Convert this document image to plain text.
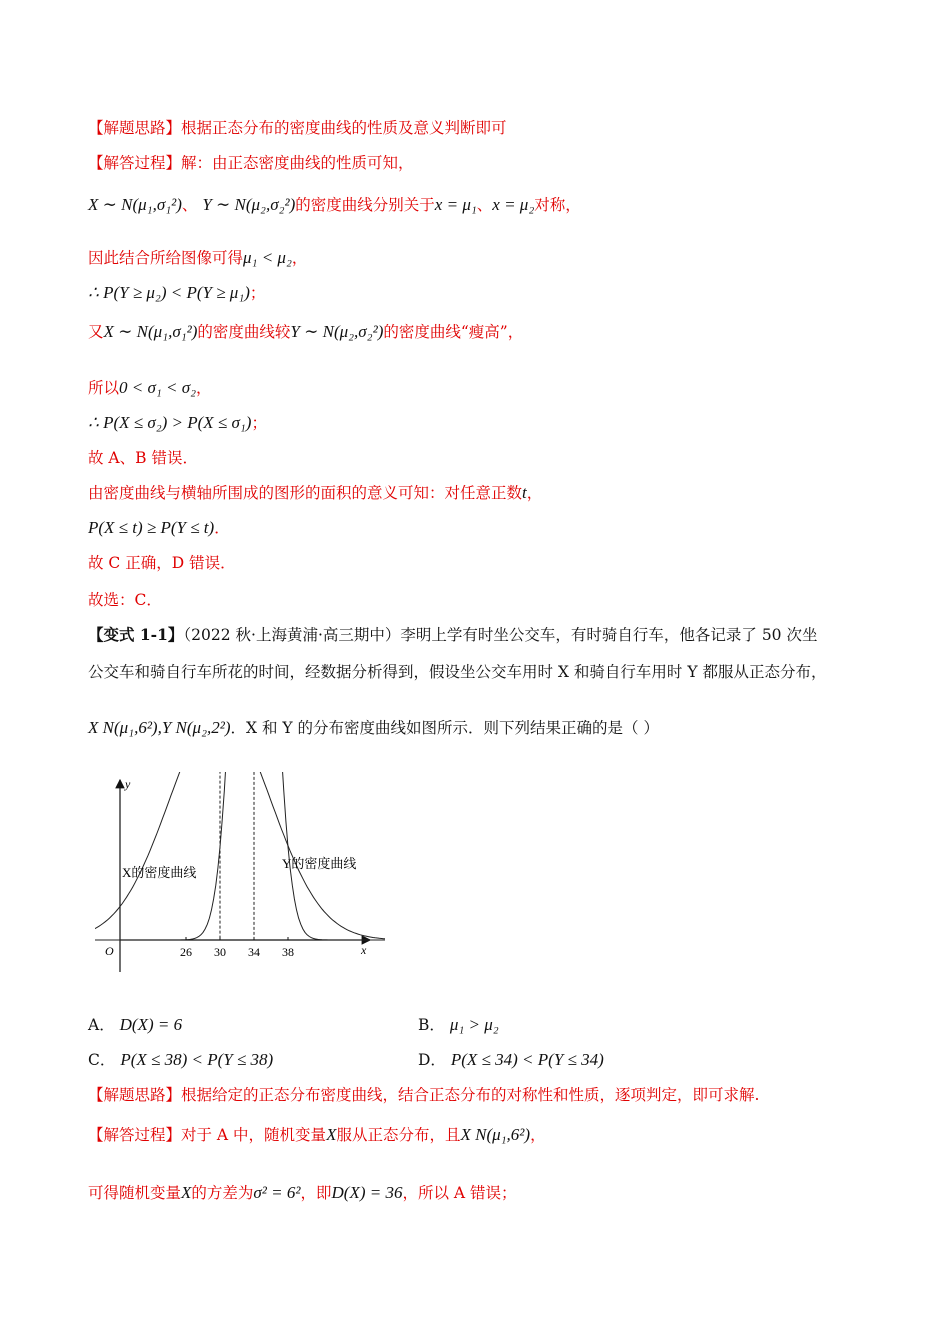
【解题思路】根据正态分布的密度曲线的性质及意义判断即可
【解答过程】解：由正态密度曲线的性质可知，
X ∼ N(μ₁,σ₁²)、 Y ∼ N(μ₂,σ₂²)的密度曲线分别关于x = μ₁、x = μ₂对称，
因此结合所给图像可得μ₁ < μ₂，
∴ P(Y ≥ μ₂) < P(Y ≥ μ₁)；
又X ∼ N(μ₁,σ₁²)的密度曲线较Y ∼ N(μ₂,σ₂²)的密度曲线“瘦高”，
所以0 < σ₁ < σ₂，
∴ P(X ≤ σ₂) > P(X ≤ σ₁)；
故 A、B 错误．
由密度曲线与横轴所围成的图形的面积的意义可知：对任意正数t，
P(X ≤ t) ≥ P(Y ≤ t)．
故 C 正确，D 错误．
故选：C．
【变式 1-1】（2022 秋·上海黄浦·高三期中）李明上学有时坐公交车，有时骑自行车，他各记录了 50 次坐
公交车和骑自行车所花的时间，经数据分析得到，假设坐公交车用时 X 和骑自行车用时 Y 都服从正态分布，
X N(μ₁,6²),Y N(μ₂,2²)．X 和 Y 的分布密度曲线如图所示．则下列结果正确的是（ ）
y
x
O	26 30 34 38
X的密度曲线
Y的密度曲线
A． D(X) = 6	B． μ₁ > μ₂
C． P(X ≤ 38) < P(Y ≤ 38)	D． P(X ≤ 34) < P(Y ≤ 34)
【解题思路】根据给定的正态分布密度曲线，结合正态分布的对称性和性质，逐项判定，即可求解.
【解答过程】对于 A 中，随机变量X服从正态分布，且X N(μ₁,6²)，
可得随机变量X的方差为σ² = 6²，即D(X) = 36，所以 A 错误；
